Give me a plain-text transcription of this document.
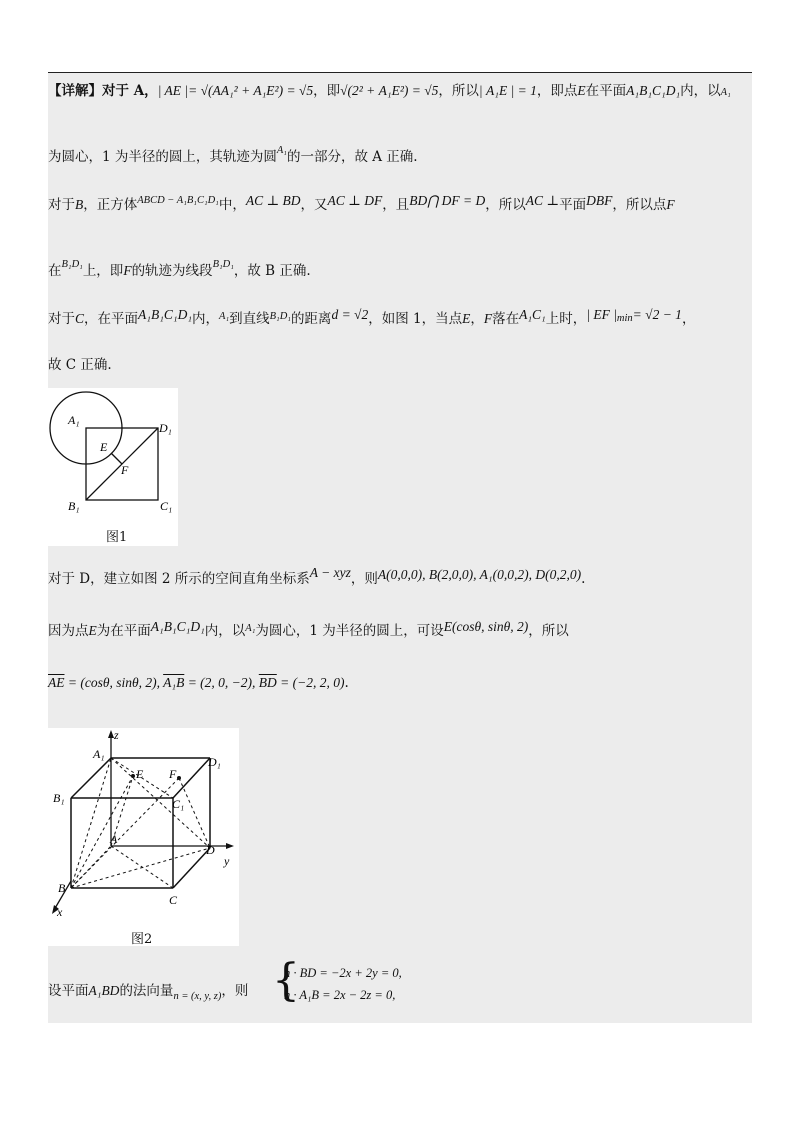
【详解】对于 A，| AE |= √(AA₁² + A₁E²) = √5，即√(2² + A₁E²) = √5，所以| A₁E | = 1，即点E在平面A₁B₁C₁D₁内，以A₁
为圆心，1 为半径的圆上，其轨迹为圆$^{A_1}$的一部分，故 A 正确.
对于B，正方体$^{ABCD - A_1B_1C_1D_1}$中，AC ⊥ BD，又AC ⊥ DF，且BD⋂ DF = D，所以AC ⊥平面DBF，所以点F
在$^{B_1D_1}$上，即F的轨迹为线段$^{B_1D_1}$，故 B 正确.
对于C，在平面A₁B₁C₁D₁内，$^{A_1}$到直线$^{B_1D_1}$的距离d = √2，如图 1，当点E，F落在A₁C₁上时，| EF |min= √2 − 1，
故 C 正确.
A₁
D₁
E
F
B₁	C₁
图1
对于 D，建立如图 2 所示的空间直角坐标系A − xyz，则A(0,0,0), B(2,0,0), A₁(0,0,2), D(0,2,0).
因为点E为在平面A₁B₁C₁D₁内，以$^{A_1}$为圆心，1 为半径的圆上，可设E(cosθ, sinθ, 2)，所以
$\overline{AE} = (\cos\theta$, sinθ, 2), A₁B = (2, 0, −2), $\overline{BD} = (-2$, 2, 0).
z
A₁
E F
D₁
B₁	C₁
A
D
y
B
C
x
图2
设平面A₁BD的法向量$_{n = (x, y, z)}$，则 {
n · BD = −2x + 2y = 0,
n · A₁B = 2x − 2z = 0,
